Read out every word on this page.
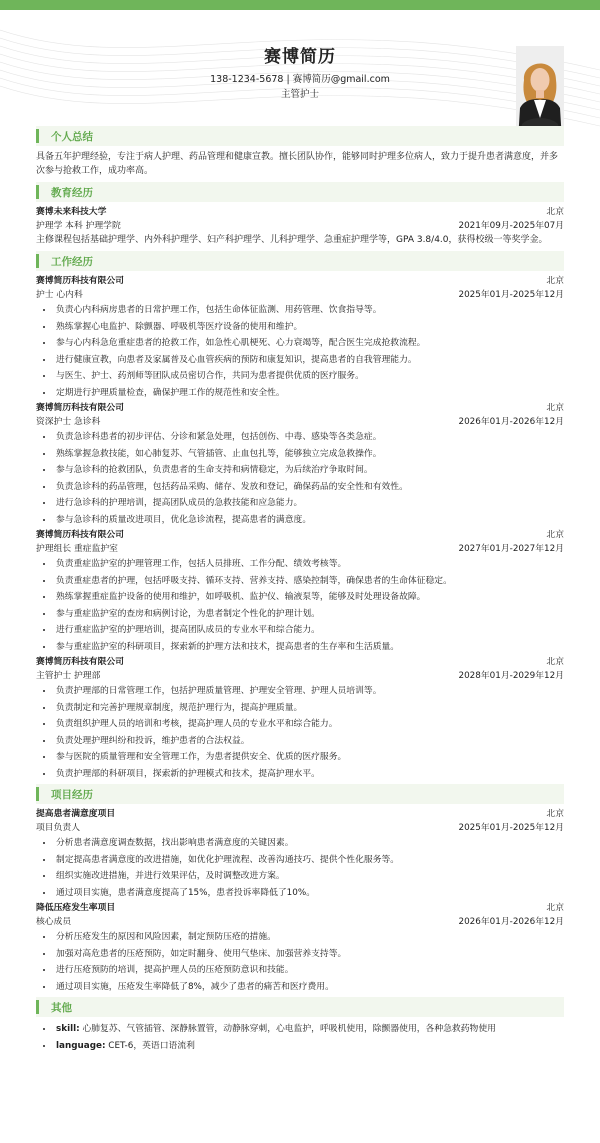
赛博简历
138-1234-5678 | 赛博简历@gmail.com
主管护士
个人总结

具备五年护理经验，专注于病人护理、药品管理和健康宣教。擅长团队协作，能够同时护理多位病人，致力于提升患者满意度，并多次参与抢救工作，成功率高。

教育经历
赛博未来科技大学	北京
护理学 本科 护理学院	2021年09月-2025年07月

主修课程包括基础护理学、内外科护理学、妇产科护理学、儿科护理学、急重症护理学等，GPA 3.8/4.0，获得校级一等奖学金。

工作经历
赛博简历科技有限公司	北京
护士 心内科	2025年01月-2025年12月
• 负责心内科病房患者的日常护理工作，包括生命体征监测、用药管理、饮食指导等。
• 熟练掌握心电监护、除颤器、呼吸机等医疗设备的使用和维护。
• 参与心内科急危重症患者的抢救工作，如急性心肌梗死、心力衰竭等，配合医生完成抢救流程。
• 进行健康宣教，向患者及家属普及心血管疾病的预防和康复知识，提高患者的自我管理能力。
• 与医生、护士、药剂师等团队成员密切合作，共同为患者提供优质的医疗服务。
• 定期进行护理质量检查，确保护理工作的规范性和安全性。
赛博简历科技有限公司	北京
资深护士 急诊科	2026年01月-2026年12月
• 负责急诊科患者的初步评估、分诊和紧急处理，包括创伤、中毒、感染等各类急症。
• 熟练掌握急救技能，如心肺复苏、气管插管、止血包扎等，能够独立完成急救操作。
• 参与急诊科的抢救团队，负责患者的生命支持和病情稳定，为后续治疗争取时间。
• 负责急诊科的药品管理，包括药品采购、储存、发放和登记，确保药品的安全性和有效性。
• 进行急诊科的护理培训，提高团队成员的急救技能和应急能力。
• 参与急诊科的质量改进项目，优化急诊流程，提高患者的满意度。
赛博简历科技有限公司	北京
护理组长 重症监护室	2027年01月-2027年12月
• 负责重症监护室的护理管理工作，包括人员排班、工作分配、绩效考核等。
• 负责重症患者的护理，包括呼吸支持、循环支持、营养支持、感染控制等，确保患者的生命体征稳定。
• 熟练掌握重症监护设备的使用和维护，如呼吸机、监护仪、输液泵等，能够及时处理设备故障。
• 参与重症监护室的查房和病例讨论，为患者制定个性化的护理计划。
• 进行重症监护室的护理培训，提高团队成员的专业水平和综合能力。
• 参与重症监护室的科研项目，探索新的护理方法和技术，提高患者的生存率和生活质量。
赛博简历科技有限公司	北京
主管护士 护理部	2028年01月-2029年12月
• 负责护理部的日常管理工作，包括护理质量管理、护理安全管理、护理人员培训等。
• 负责制定和完善护理规章制度，规范护理行为，提高护理质量。
• 负责组织护理人员的培训和考核，提高护理人员的专业水平和综合能力。
• 负责处理护理纠纷和投诉，维护患者的合法权益。
• 参与医院的质量管理和安全管理工作，为患者提供安全、优质的医疗服务。
• 负责护理部的科研项目，探索新的护理模式和技术，提高护理水平。
项目经历
提高患者满意度项目	北京
项目负责人	2025年01月-2025年12月
• 分析患者满意度调查数据，找出影响患者满意度的关键因素。
• 制定提高患者满意度的改进措施，如优化护理流程、改善沟通技巧、提供个性化服务等。
• 组织实施改进措施，并进行效果评估，及时调整改进方案。
• 通过项目实施，患者满意度提高了15%，患者投诉率降低了10%。
降低压疮发生率项目	北京
核心成员	2026年01月-2026年12月
• 分析压疮发生的原因和风险因素，制定预防压疮的措施。
• 加强对高危患者的压疮预防，如定时翻身、使用气垫床、加强营养支持等。
• 进行压疮预防的培训，提高护理人员的压疮预防意识和技能。
• 通过项目实施，压疮发生率降低了8%，减少了患者的痛苦和医疗费用。
其他
• skill: 心肺复苏、气管插管、深静脉置管，动静脉穿刺，心电监护，呼吸机使用，除颤器使用，各种急救药物使用
• language: CET-6，英语口语流利
